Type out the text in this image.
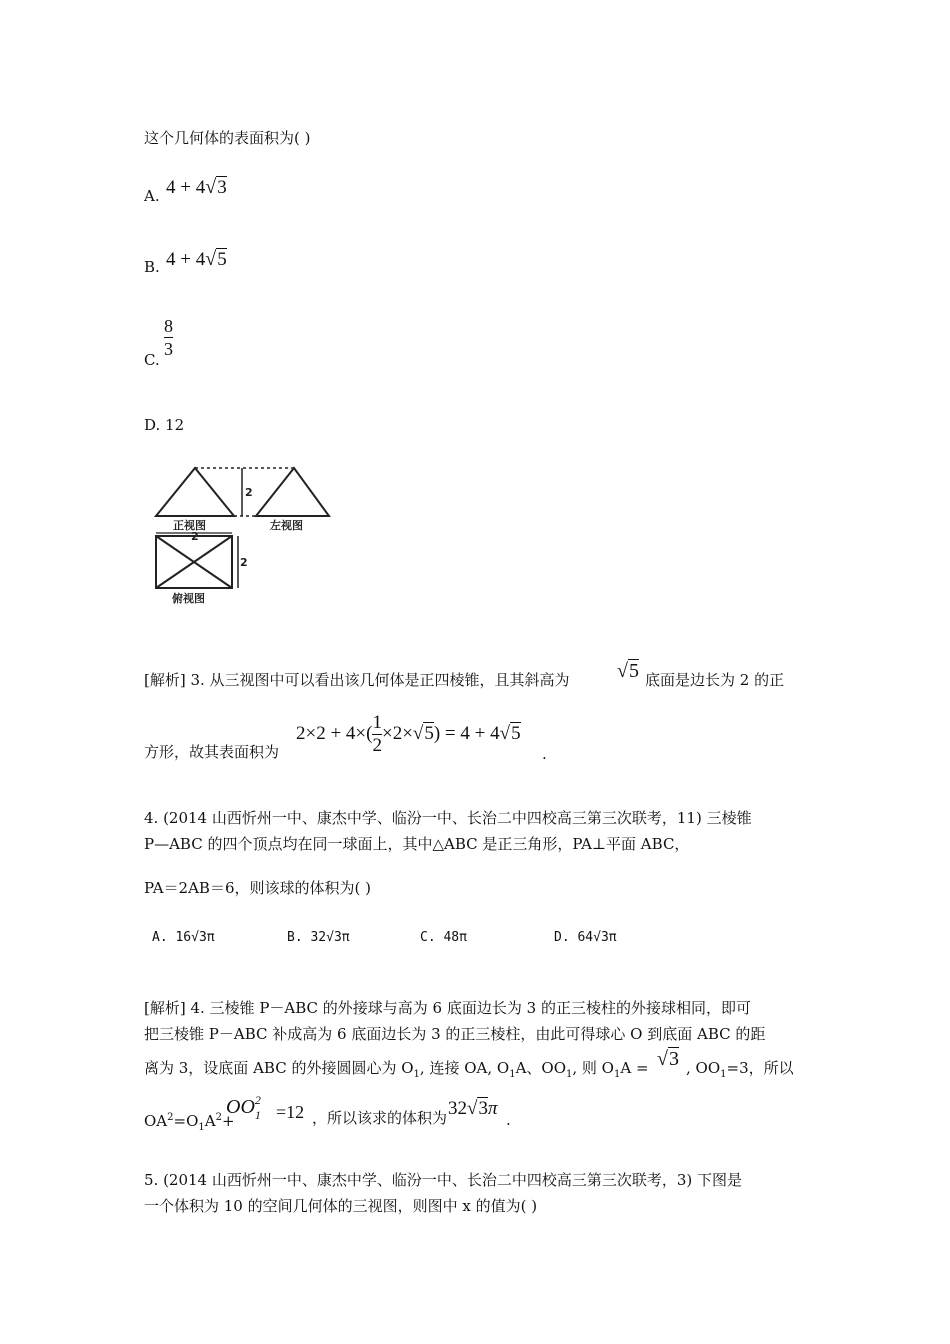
这个几何体的表面积为( )
A. 4 + 4√3
B. 4 + 4√5
C. $\frac{8}{3}$
D. 12
2
2
2
正视图	左视图
俯视图
[解析] 3. 从三视图中可以看出该几何体是正四棱锥，且其斜高为 √5 底面是边长为 2 的正
方形，故其表面积为
$2\times 2 + 4\times( \frac{1}{2} \times 2\times√5) = 4 + 4√5$
.
4. (2014 山西忻州一中、康杰中学、临汾一中、长治二中四校高三第三次联考，11) 三棱锥
P—ABC 的四个顶点均在同一球面上，其中△ABC 是正三角形，PA⊥平面 ABC，
PA＝2AB＝6，则该球的体积为( )
A. 16√3π	B. 32√3π	C. 48π	D. 64√3π
[解析] 4. 三棱锥 P－ABC 的外接球与高为 6 底面边长为 3 的正三棱柱的外接球相同，即可
把三棱锥 P－ABC 补成高为 6 底面边长为 3 的正三棱柱，由此可得球心 O 到底面 ABC 的距
离为 3，设底面 ABC 的外接圆圆心为 $O_1$, 连接 OA, $O_1A$、$OO_1$, 则 $O_1A = √3$ , $OO_1=3$，所以
$OA^2=O_1A^2+$
$OO_1^2$
=12 ，所以该求的体积为 32√3π
.
5. (2014 山西忻州一中、康杰中学、临汾一中、长治二中四校高三第三次联考，3) 下图是
一个体积为 10 的空间几何体的三视图，则图中 x 的值为( )
